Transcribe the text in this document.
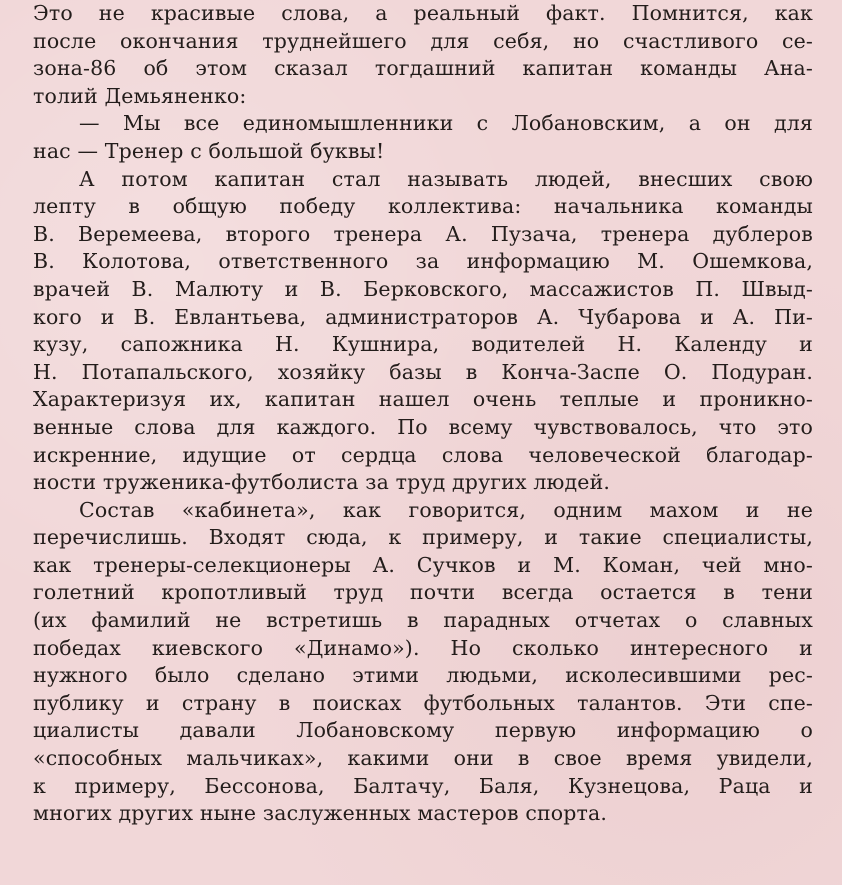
Это не красивые слова, а реальный факт. Помнится, как
после окончания труднейшего для себя, но счастливого се-
зона-86 об этом сказал тогдашний капитан команды Ана-
толий Демьяненко:
— Мы все единомышленники с Лобановским, а он для
нас — Тренер с большой буквы!
А потом капитан стал называть людей, внесших свою
лепту в общую победу коллектива: начальника команды
В. Веремеева, второго тренера А. Пузача, тренера дублеров
В. Колотова, ответственного за информацию М. Ошемкова,
врачей В. Малюту и В. Берковского, массажистов П. Швыд-
кого и В. Евлантьева, администраторов А. Чубарова и А. Пи-
кузу, сапожника Н. Кушнира, водителей Н. Календу и
Н. Потапальского, хозяйку базы в Конча-Заспе О. Подуран.
Характеризуя их, капитан нашел очень теплые и проникно-
венные слова для каждого. По всему чувствовалось, что это
искренние, идущие от сердца слова человеческой благодар-
ности труженика-футболиста за труд других людей.
Состав «кабинета», как говорится, одним махом и не
перечислишь. Входят сюда, к примеру, и такие специалисты,
как тренеры-селекционеры А. Сучков и М. Коман, чей мно-
голетний кропотливый труд почти всегда остается в тени
(их фамилий не встретишь в парадных отчетах о славных
победах киевского «Динамо»). Но сколько интересного и
нужного было сделано этими людьми, исколесившими рес-
публику и страну в поисках футбольных талантов. Эти спе-
циалисты давали Лобановскому первую информацию о
«способных мальчиках», какими они в свое время увидели,
к примеру, Бессонова, Балтачу, Баля, Кузнецова, Раца и
многих других ныне заслуженных мастеров спорта.
